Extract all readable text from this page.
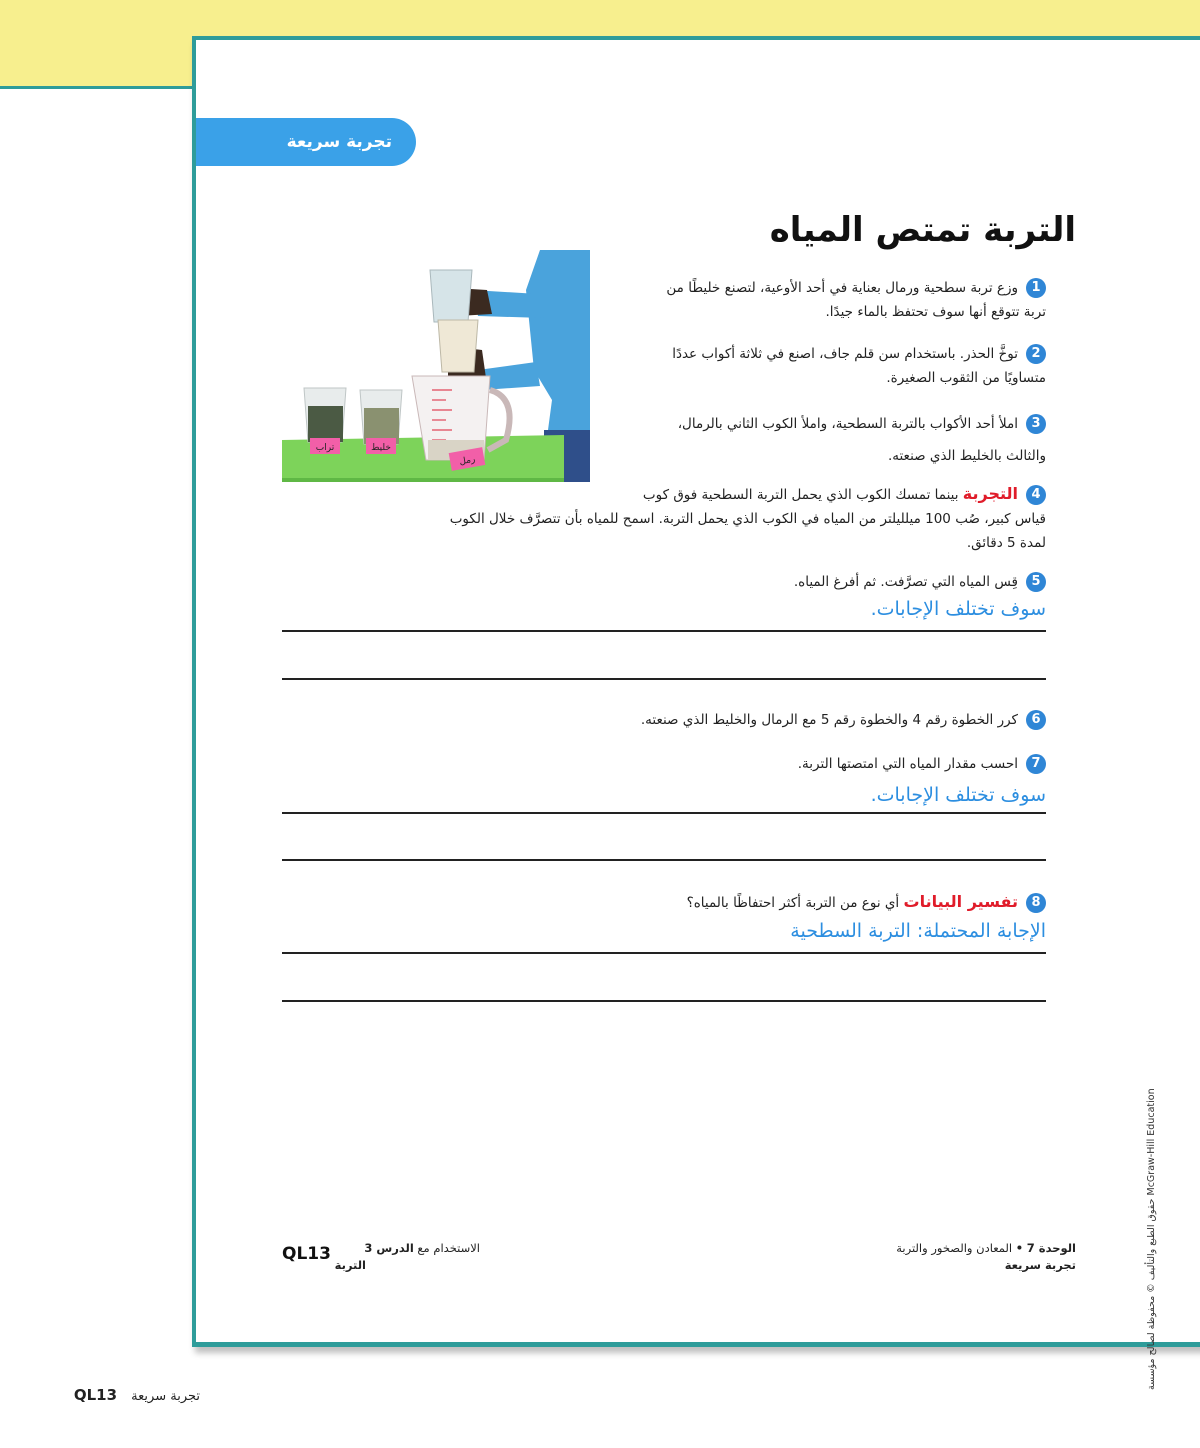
تجربة سريعة
التربة تمتص المياه
تراب	خليط
رمل
1وزع تربة سطحية ورمال بعناية في أحد الأوعية، لتصنع خليطًا من
تربة تتوقع أنها سوف تحتفظ بالماء جيدًا.
2توخَّ الحذر. باستخدام سن قلم جاف، اصنع في ثلاثة أكواب عددًا
متساويًا من الثقوب الصغيرة.
3املأ أحد الأكواب بالتربة السطحية، واملأ الكوب الثاني بالرمال،
والثالث بالخليط الذي صنعته.
4التجربة بينما تمسك الكوب الذي يحمل التربة السطحية فوق كوب
قياس كبير، صُب 100 ميلليلتر من المياه في الكوب الذي يحمل التربة. اسمح للمياه بأن تتصرَّف خلال الكوب
لمدة 5 دقائق.
5قِس المياه التي تصرَّفت. ثم أفرغ المياه.
سوف تختلف الإجابات.
6كرر الخطوة رقم 4 والخطوة رقم 5 مع الرمال والخليط الذي صنعته.
7احسب مقدار المياه التي امتصتها التربة.
سوف تختلف الإجابات.
8تفسير البيانات أي نوع من التربة أكثر احتفاظًا بالمياه؟
الإجابة المحتملة: التربة السطحية
الوحدة 7 • المعادن والصخور والتربة
تجربة سريعة
الاستخدام مع الدرس 3
التربة
QL13	حقوق الطبع والتأليف © محفوظة لصالح مؤسسة McGraw-Hill Education
تجربة سريعة QL13
